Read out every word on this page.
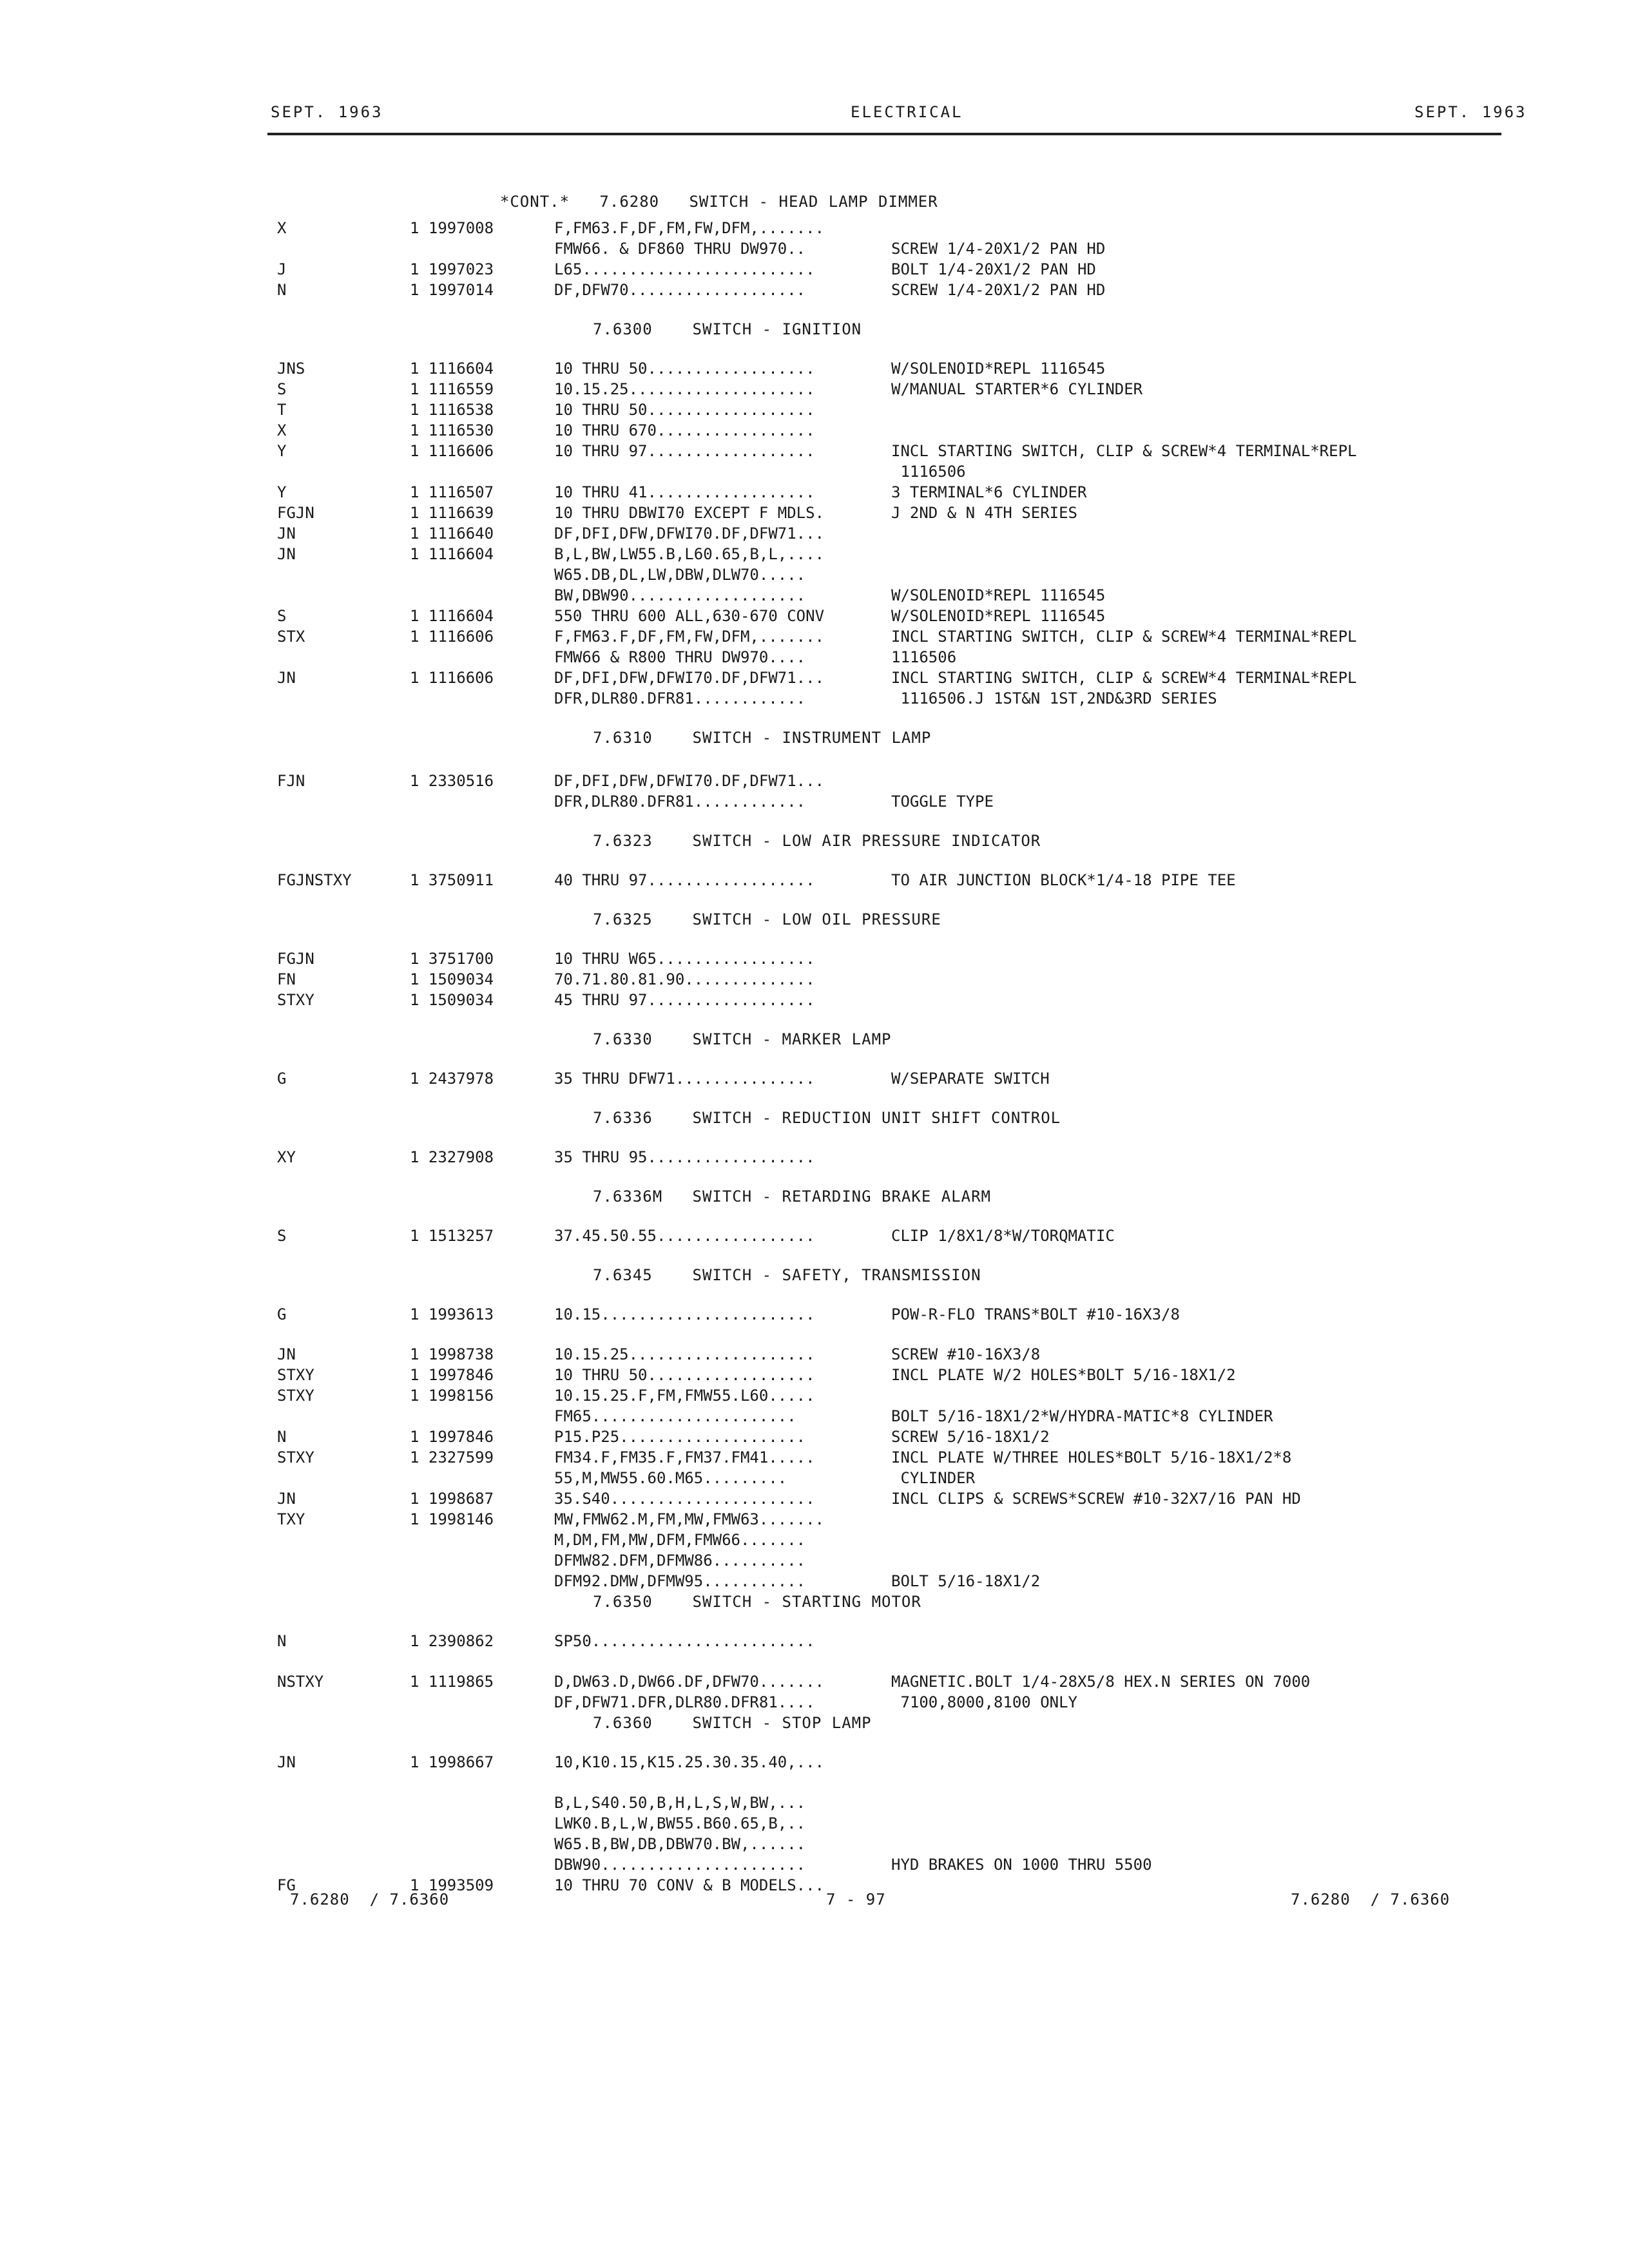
SEPT. 1963	ELECTRICAL	SEPT. 1963

*CONT.* 7.6280   SWITCH - HEAD LAMP DIMMER

X	1 1997008	F,FM63.F,DF,FM,FW,DFM,.......
FMW66. & DF860 THRU DW970..	SCREW 1/4-20X1/2 PAN HD
J	1 1997023	L65.........................	BOLT 1/4-20X1/2 PAN HD
N	1 1997014	DF,DFW70...................	SCREW 1/4-20X1/2 PAN HD
7.6300    SWITCH - IGNITION
JNS	1 1116604	10 THRU 50..................	W/SOLENOID*REPL 1116545
S	1 1116559	10.15.25....................	W/MANUAL STARTER*6 CYLINDER
T	1 1116538	10 THRU 50..................
X	1 1116530	10 THRU 670.................
Y	1 1116606	10 THRU 97..................	INCL STARTING SWITCH, CLIP & SCREW*4 TERMINAL*REPL
1116506
Y	1 1116507	10 THRU 41..................	3 TERMINAL*6 CYLINDER
FGJN	1 1116639	10 THRU DBWI70 EXCEPT F MDLS.	J 2ND & N 4TH SERIES
JN	1 1116640	DF,DFI,DFW,DFWI70.DF,DFW71...
JN	1 1116604	B,L,BW,LW55.B,L60.65,B,L,....
W65.DB,DL,LW,DBW,DLW70.....
BW,DBW90...................	W/SOLENOID*REPL 1116545
S	1 1116604	550 THRU 600 ALL,630-670 CONV	W/SOLENOID*REPL 1116545
STX	1 1116606	F,FM63.F,DF,FM,FW,DFM,.......	INCL STARTING SWITCH, CLIP & SCREW*4 TERMINAL*REPL
FMW66 & R800 THRU DW970....	1116506
JN	1 1116606	DF,DFI,DFW,DFWI70.DF,DFW71...	INCL STARTING SWITCH, CLIP & SCREW*4 TERMINAL*REPL
DFR,DLR80.DFR81............	1116506.J 1ST&N 1ST,2ND&3RD SERIES
7.6310    SWITCH - INSTRUMENT LAMP
FJN	1 2330516	DF,DFI,DFW,DFWI70.DF,DFW71...
DFR,DLR80.DFR81............	TOGGLE TYPE
7.6323    SWITCH - LOW AIR PRESSURE INDICATOR
FGJNSTXY	1 3750911	40 THRU 97..................	TO AIR JUNCTION BLOCK*1/4-18 PIPE TEE
7.6325    SWITCH - LOW OIL PRESSURE
FGJN	1 3751700	10 THRU W65.................
FN	1 1509034	70.71.80.81.90..............
STXY	1 1509034	45 THRU 97..................
7.6330    SWITCH - MARKER LAMP
G	1 2437978	35 THRU DFW71...............	W/SEPARATE SWITCH
7.6336    SWITCH - REDUCTION UNIT SHIFT CONTROL
XY	1 2327908	35 THRU 95..................
7.6336M   SWITCH - RETARDING BRAKE ALARM
S	1 1513257	37.45.50.55.................	CLIP 1/8X1/8*W/TORQMATIC
7.6345    SWITCH - SAFETY, TRANSMISSION
G	1 1993613	10.15.......................	POW-R-FLO TRANS*BOLT #10-16X3/8
JN	1 1998738	10.15.25....................	SCREW #10-16X3/8
STXY	1 1997846	10 THRU 50..................	INCL PLATE W/2 HOLES*BOLT 5/16-18X1/2
STXY	1 1998156	10.15.25.F,FM,FMW55.L60.....
FM65......................	BOLT 5/16-18X1/2*W/HYDRA-MATIC*8 CYLINDER
N	1 1997846	P15.P25....................	SCREW 5/16-18X1/2
STXY	1 2327599	FM34.F,FM35.F,FM37.FM41.....	INCL PLATE W/THREE HOLES*BOLT 5/16-18X1/2*8
55,M,MW55.60.M65.........	CYLINDER
JN	1 1998687	35.S40......................	INCL CLIPS & SCREWS*SCREW #10-32X7/16 PAN HD
TXY	1 1998146	MW,FMW62.M,FM,MW,FMW63.......
M,DM,FM,MW,DFM,FMW66.......
DFMW82.DFM,DFMW86..........
DFM92.DMW,DFMW95...........	BOLT 5/16-18X1/2
7.6350    SWITCH - STARTING MOTOR
N	1 2390862	SP50........................
NSTXY	1 1119865	D,DW63.D,DW66.DF,DFW70.......	MAGNETIC.BOLT 1/4-28X5/8 HEX.N SERIES ON 7000
DF,DFW71.DFR,DLR80.DFR81....	7100,8000,8100 ONLY
7.6360    SWITCH - STOP LAMP
JN	1 1998667	10,K10.15,K15.25.30.35.40,...
B,L,S40.50,B,H,L,S,W,BW,...
LWK0.B,L,W,BW55.B60.65,B,..
W65.B,BW,DB,DBW70.BW,......
DBW90......................	HYD BRAKES ON 1000 THRU 5500
FG	1 1993509	10 THRU 70 CONV & B MODELS...
7.6280  / 7.6360	7 - 97	7.6280  / 7.6360
